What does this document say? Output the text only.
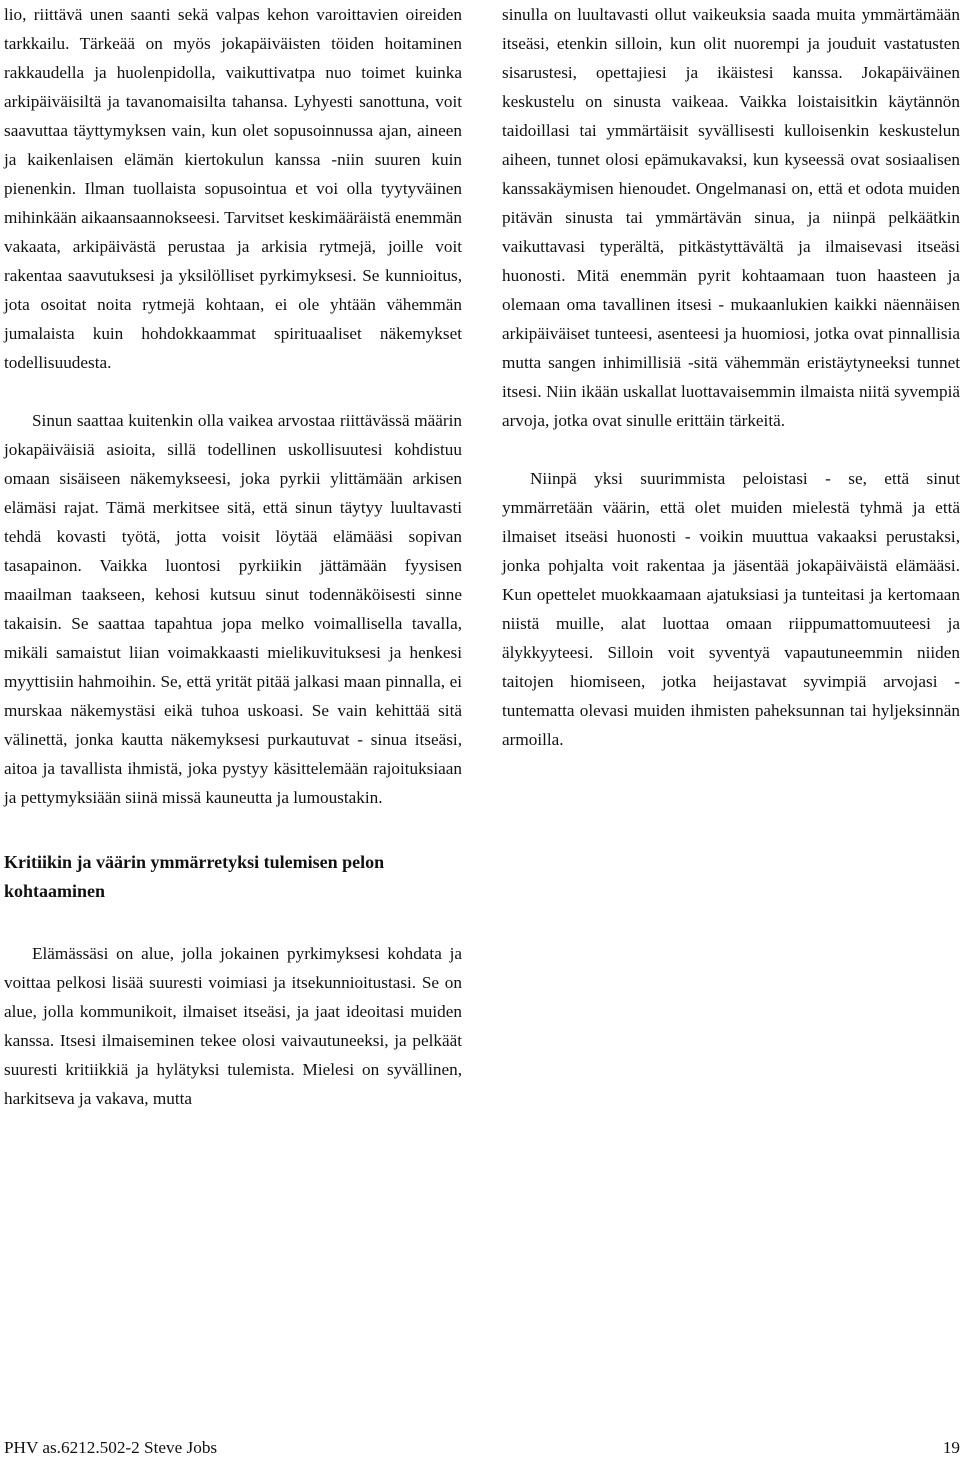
lio, riittävä unen saanti sekä valpas kehon varoittavien oireiden tarkkailu. Tärkeää on myös jokapäiväisten töiden hoitaminen rakkaudella ja huolenpidolla, vaikuttivatpa nuo toimet kuinka arkipäiväisiltä ja tavanomaisilta tahansa. Lyhyesti sanottuna, voit saavuttaa täyttymyksen vain, kun olet sopusoinnussa ajan, aineen ja kaikenlaisen elämän kiertokulun kanssa -niin suuren kuin pienenkin. Ilman tuollaista sopusointua et voi olla tyytyväinen mihinkään aikaansaannokseesi. Tarvitset keskimääräistä enemmän vakaata, arkipäivästä perustaa ja arkisia rytmejä, joille voit rakentaa saavutuksesi ja yksilölliset pyrkimyksesi. Se kunnioitus, jota osoitat noita rytmejä kohtaan, ei ole yhtään vähemmän jumalaista kuin hohdokkaammat spirituaaliset näkemykset todellisuudesta.

Sinun saattaa kuitenkin olla vaikea arvostaa riittävässä määrin jokapäiväisiä asioita, sillä todellinen uskollisuutesi kohdistuu omaan sisäiseen näkemykseesi, joka pyrkii ylittämään arkisen elämäsi rajat. Tämä merkitsee sitä, että sinun täytyy luultavasti tehdä kovasti työtä, jotta voisit löytää elämääsi sopivan tasapainon. Vaikka luontosi pyrkiikin jättämään fyysisen maailman taakseen, kehosi kutsuu sinut todennäköisesti sinne takaisin. Se saattaa tapahtua jopa melko voimallisella tavalla, mikäli samaistut liian voimakkaasti mielikuvituksesi ja henkesi myyttisiin hahmoihin. Se, että yrität pitää jalkasi maan pinnalla, ei murskaa näkemystäsi eikä tuhoa uskoasi. Se vain kehittää sitä välinettä, jonka kautta näkemyksesi purkautuvat - sinua itseäsi, aitoa ja tavallista ihmistä, joka pystyy käsittelemään rajoituksiaan ja pettymyksiään siinä missä kauneutta ja lumoustakin.

Kritiikin ja väärin ymmärretyksi tulemisen pelon kohtaaminen

Elämässäsi on alue, jolla jokainen pyrkimyksesi kohdata ja voittaa pelkosi lisää suuresti voimiasi ja itsekunnioitustasi. Se on alue, jolla kommunikoit, ilmaiset itseäsi, ja jaat ideoitasi muiden kanssa. Itsesi ilmaiseminen tekee olosi vaivautuneeksi, ja pelkäät suuresti kritiikkiä ja hylätyksi tulemista. Mielesi on syvällinen, harkitseva ja vakava, mutta

sinulla on luultavasti ollut vaikeuksia saada muita ymmärtämään itseäsi, etenkin silloin, kun olit nuorempi ja jouduit vastatusten sisarustesi, opettajiesi ja ikäistesi kanssa. Jokapäiväinen keskustelu on sinusta vaikeaa. Vaikka loistaisitkin käytännön taidoillasi tai ymmärtäisit syvällisesti kulloisenkin keskustelun aiheen, tunnet olosi epämukavaksi, kun kyseessä ovat sosiaalisen kanssakäymisen hienoudet. Ongelmanasi on, että et odota muiden pitävän sinusta tai ymmärtävän sinua, ja niinpä pelkäätkin vaikuttavasi typerältä, pitkästyttävältä ja ilmaisevasi itseäsi huonosti. Mitä enemmän pyrit kohtaamaan tuon haasteen ja olemaan oma tavallinen itsesi - mukaanlukien kaikki näennäisen arkipäiväiset tunteesi, asenteesi ja huomiosi, jotka ovat pinnallisia mutta sangen inhimillisiä -sitä vähemmän eristäytyneeksi tunnet itsesi. Niin ikään uskallat luottavaisemmin ilmaista niitä syvempiä arvoja, jotka ovat sinulle erittäin tärkeitä.

Niinpä yksi suurimmista peloistasi - se, että sinut ymmärretään väärin, että olet muiden mielestä tyhmä ja että ilmaiset itseäsi huonosti - voikin muuttua vakaaksi perustaksi, jonka pohjalta voit rakentaa ja jäsentää jokapäiväistä elämääsi. Kun opettelet muokkaamaan ajatuksiasi ja tunteitasi ja kertomaan niistä muille, alat luottaa omaan riippumattomuuteesi ja älykkyyteesi. Silloin voit syventyä vapautuneemmin niiden taitojen hiomiseen, jotka heijastavat syvimpiä arvojasi - tuntematta olevasi muiden ihmisten paheksunnan tai hyljeksinnän armoilla.

PHV as.6212.502-2 Steve Jobs	19
